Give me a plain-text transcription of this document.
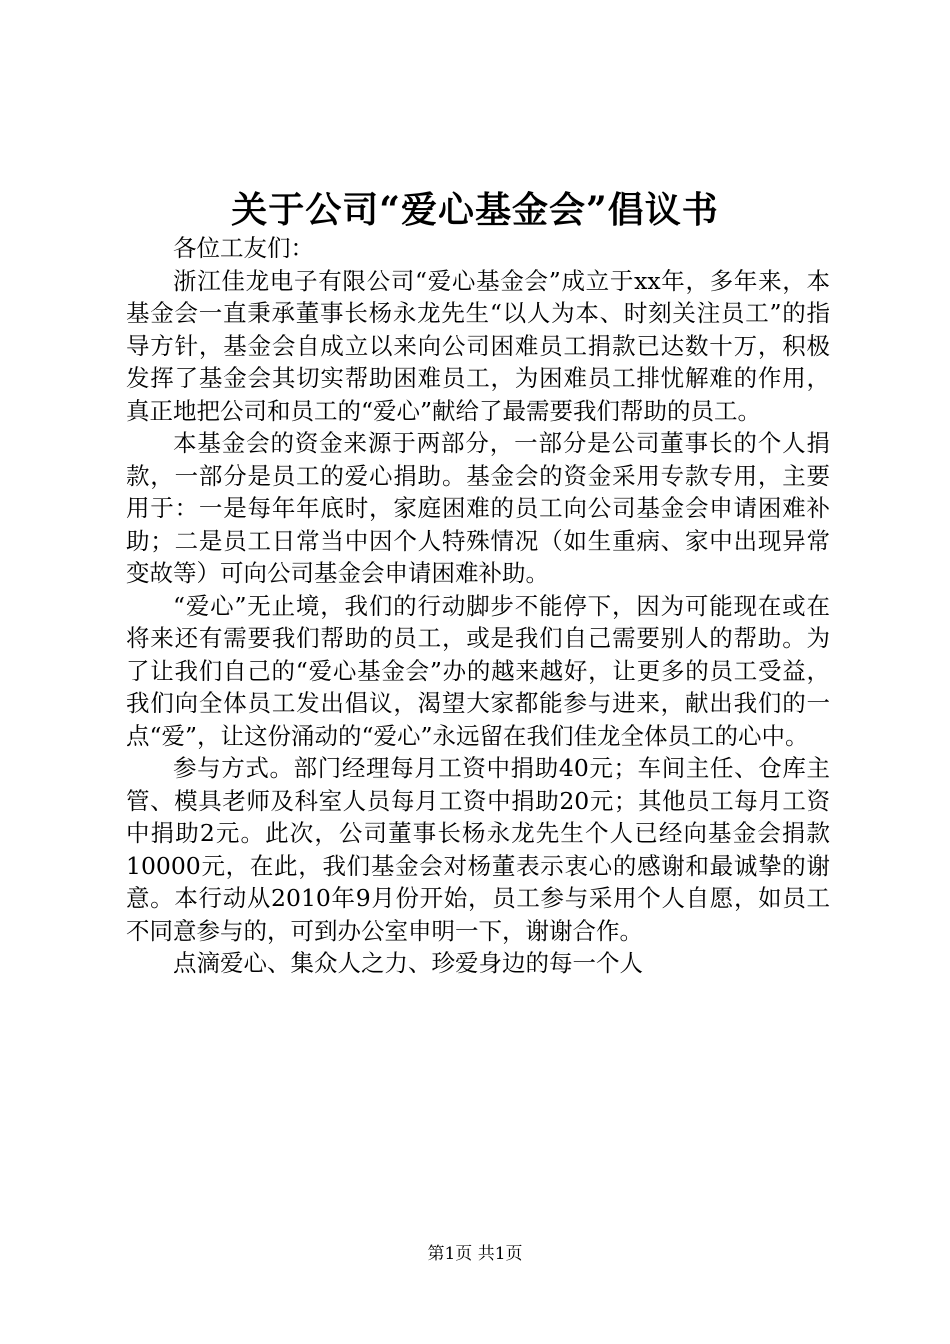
关于公司“爱心基金会”倡议书

各位工友们：

浙江佳龙电子有限公司“爱心基金会”成立于xx年，多年来，本基金会一直秉承董事长杨永龙先生“以人为本、时刻关注员工”的指导方针，基金会自成立以来向公司困难员工捐款已达数十万，积极发挥了基金会其切实帮助困难员工，为困难员工排忧解难的作用，真正地把公司和员工的“爱心”献给了最需要我们帮助的员工。

本基金会的资金来源于两部分，一部分是公司董事长的个人捐款，一部分是员工的爱心捐助。基金会的资金采用专款专用，主要用于：一是每年年底时，家庭困难的员工向公司基金会申请困难补助；二是员工日常当中因个人特殊情况（如生重病、家中出现异常变故等）可向公司基金会申请困难补助。

“爱心”无止境，我们的行动脚步不能停下，因为可能现在或在将来还有需要我们帮助的员工，或是我们自己需要别人的帮助。为了让我们自己的“爱心基金会”办的越来越好，让更多的员工受益，我们向全体员工发出倡议，渴望大家都能参与进来，献出我们的一点“爱”，让这份涌动的“爱心”永远留在我们佳龙全体员工的心中。

参与方式。部门经理每月工资中捐助40元；车间主任、仓库主管、模具老师及科室人员每月工资中捐助20元；其他员工每月工资中捐助2元。此次，公司董事长杨永龙先生个人已经向基金会捐款10000元，在此，我们基金会对杨董表示衷心的感谢和最诚挚的谢意。本行动从2010年9月份开始，员工参与采用个人自愿，如员工不同意参与的，可到办公室申明一下，谢谢合作。

点滴爱心、集众人之力、珍爱身边的每一个人

第1页 共1页
